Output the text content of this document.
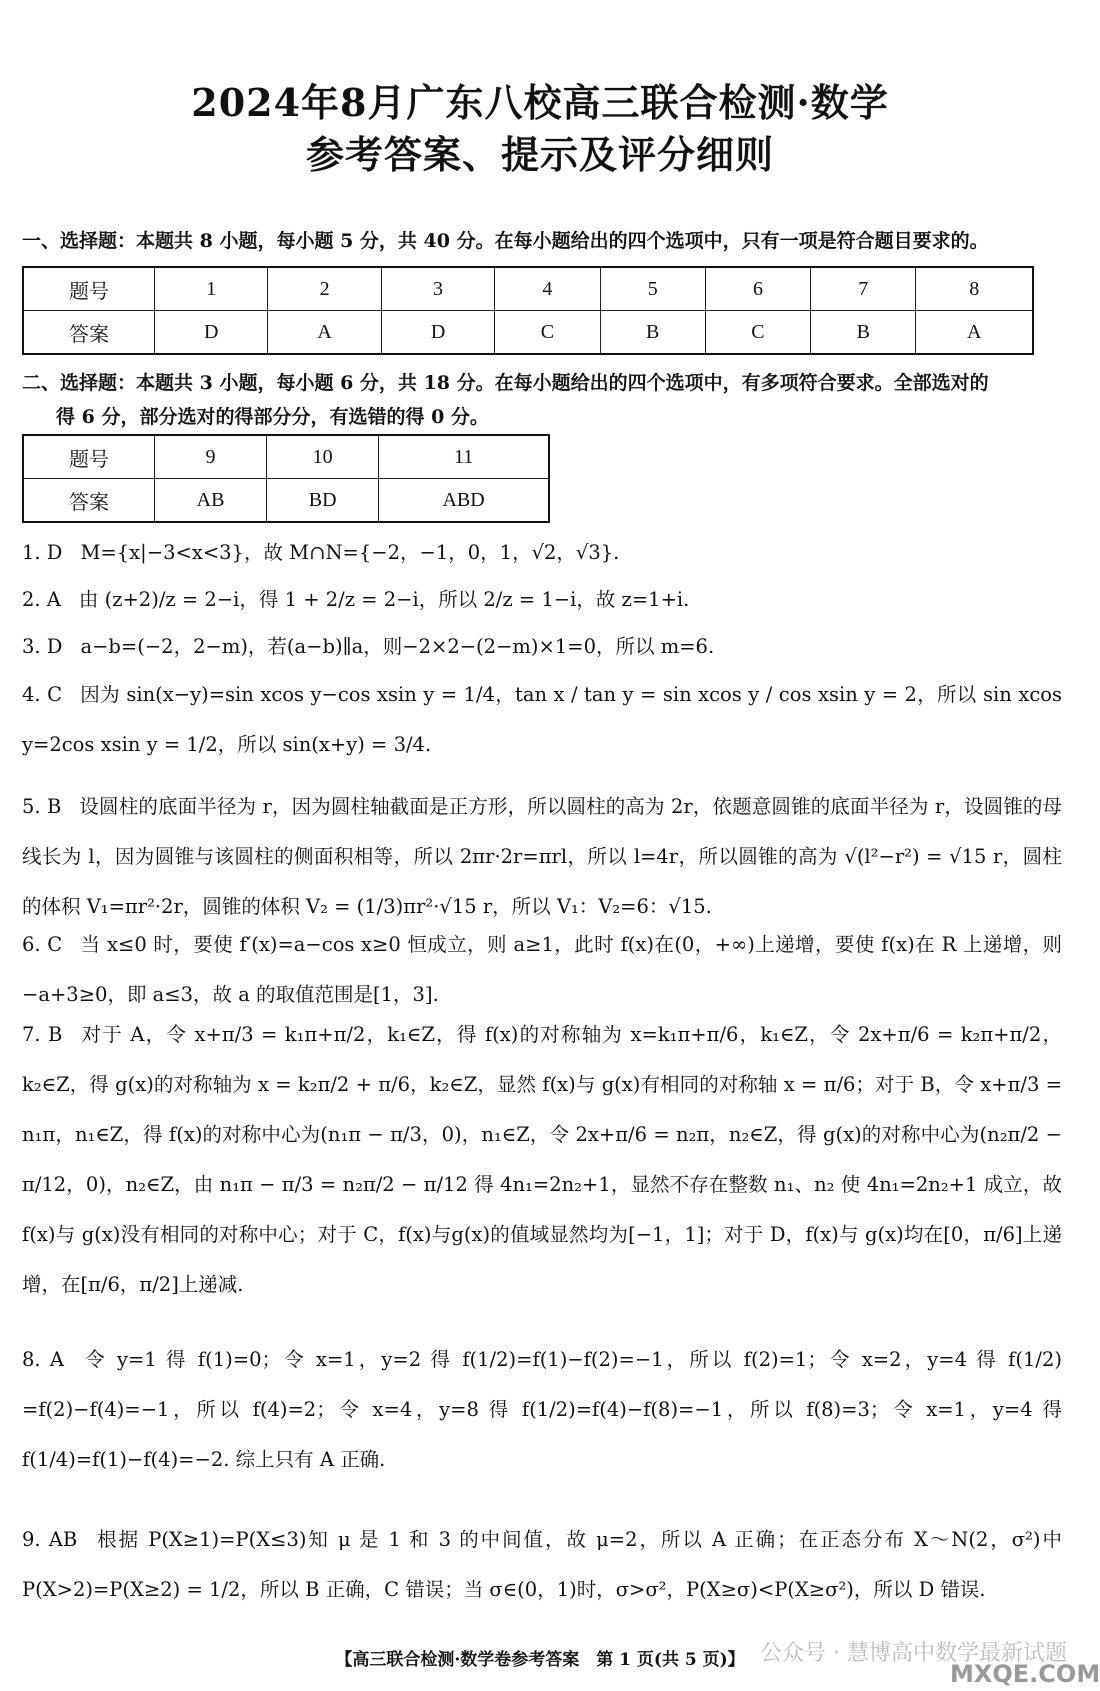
2024年8月广东八校高三联合检测·数学
参考答案、提示及评分细则
一、选择题：本题共 8 小题，每小题 5 分，共 40 分。在每小题给出的四个选项中，只有一项是符合题目要求的。
题号	1	2	3	4	5	6	7	8
答案	D	A	D	C	B	C	B	A
二、选择题：本题共 3 小题，每小题 6 分，共 18 分。在每小题给出的四个选项中，有多项符合要求。全部选对的
得 6 分，部分选对的得部分分，有选错的得 0 分。
题号	9	10	11
答案	AB	BD	ABD
1. D M={x|−3<x<3}，故 M∩N={−2，−1，0，1，√2，√3}.
2. A 由 (z+2)/z = 2−i，得 1 + 2/z = 2−i，所以 2/z = 1−i，故 z=1+i.
3. D a−b=(−2，2−m)，若(a−b)∥a，则−2×2−(2−m)×1=0，所以 m=6.
4. C 因为 sin(x−y)=sin xcos y−cos xsin y = 1/4，tan x / tan y = sin xcos y / cos xsin y = 2，所以 sin xcos y=2cos xsin y = 1/2，所以 sin(x+y) = 3/4.
5. B 设圆柱的底面半径为 r，因为圆柱轴截面是正方形，所以圆柱的高为 2r，依题意圆锥的底面半径为 r，设圆锥的母线长为 l，因为圆锥与该圆柱的侧面积相等，所以 2πr·2r=πrl，所以 l=4r，所以圆锥的高为 √(l²−r²) = √15 r，圆柱的体积 V₁=πr²·2r，圆锥的体积 V₂ = (1/3)πr²·√15 r，所以 V₁：V₂=6：√15.
6. C 当 x≤0 时，要使 f′(x)=a−cos x≥0 恒成立，则 a≥1，此时 f(x)在(0，+∞)上递增，要使 f(x)在 R 上递增，则−a+3≥0，即 a≤3，故 a 的取值范围是[1，3].
7. B 对于 A，令 x+π/3 = k₁π+π/2，k₁∈Z，得 f(x)的对称轴为 x=k₁π+π/6，k₁∈Z，令 2x+π/6 = k₂π+π/2，k₂∈Z，得 g(x)的对称轴为 x = k₂π/2 + π/6，k₂∈Z，显然 f(x)与 g(x)有相同的对称轴 x = π/6；对于 B，令 x+π/3 = n₁π，n₁∈Z，得 f(x)的对称中心为(n₁π − π/3，0)，n₁∈Z，令 2x+π/6 = n₂π，n₂∈Z，得 g(x)的对称中心为(n₂π/2 − π/12，0)，n₂∈Z，由 n₁π − π/3 = n₂π/2 − π/12 得 4n₁=2n₂+1，显然不存在整数 n₁、n₂ 使 4n₁=2n₂+1 成立，故 f(x)与 g(x)没有相同的对称中心；对于 C，f(x)与g(x)的值域显然均为[−1，1]；对于 D，f(x)与 g(x)均在[0，π/6]上递增，在[π/6，π/2]上递减.
8. A 令 y=1 得 f(1)=0；令 x=1，y=2 得 f(1/2)=f(1)−f(2)=−1，所以 f(2)=1；令 x=2，y=4 得 f(1/2) =f(2)−f(4)=−1，所以 f(4)=2；令 x=4，y=8 得 f(1/2)=f(4)−f(8)=−1，所以 f(8)=3；令 x=1，y=4 得 f(1/4)=f(1)−f(4)=−2. 综上只有 A 正确.
9. AB 根据 P(X≥1)=P(X≤3)知 μ 是 1 和 3 的中间值，故 μ=2，所以 A 正确；在正态分布 X～N(2，σ²)中 P(X>2)=P(X≥2) = 1/2，所以 B 正确，C 错误；当 σ∈(0，1)时，σ>σ²，P(X≥σ)<P(X≥σ²)，所以 D 错误.
【高三联合检测·数学卷参考答案　第 1 页(共 5 页)】 公众号 · 慧博高中数学最新试题
MXQE.COM
